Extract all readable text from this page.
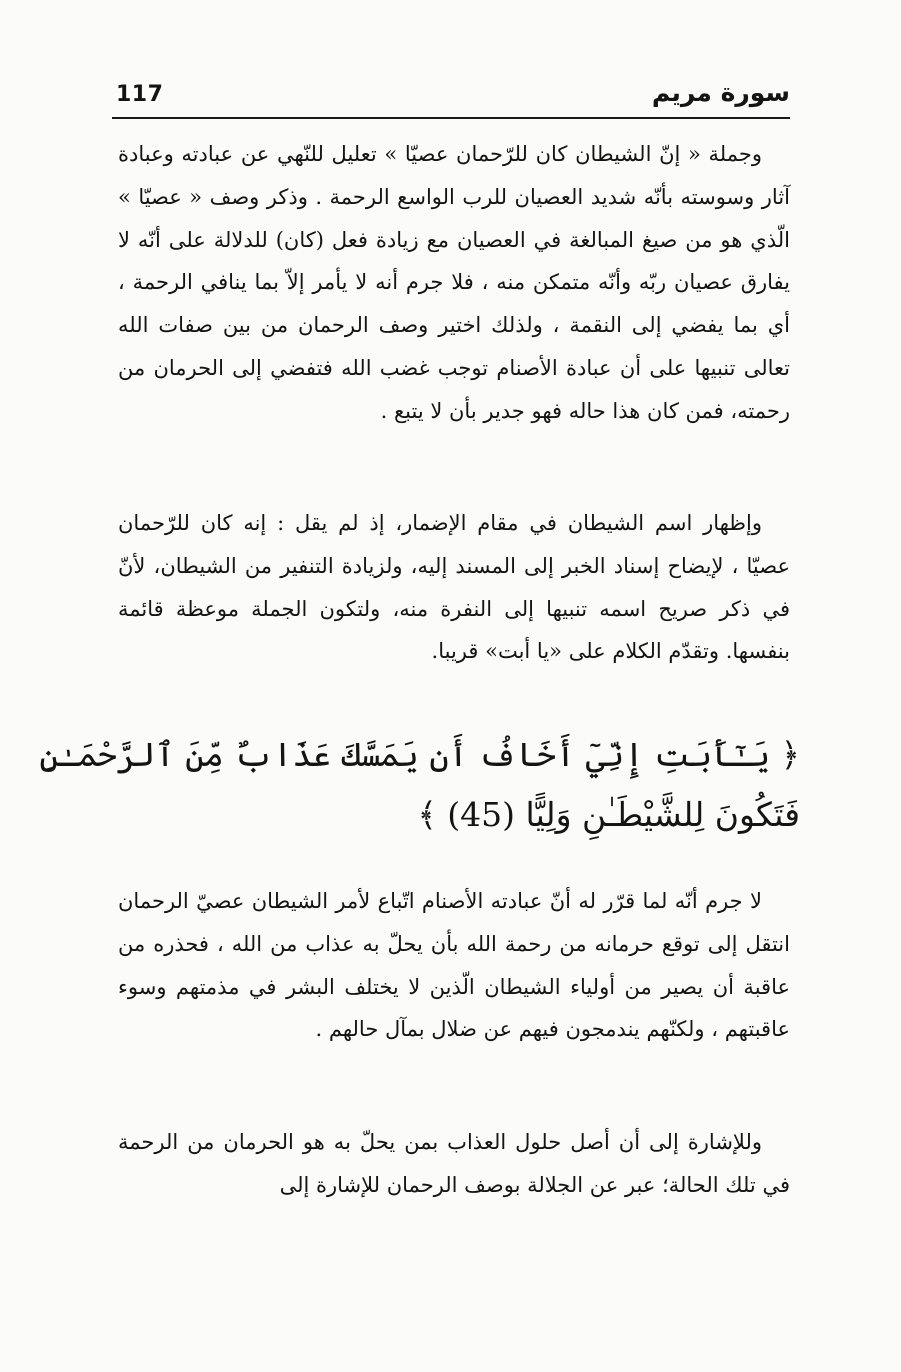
117	سورة مريم

وجملة « إنّ الشيطان كان للرّحمان عصيّا » تعليل للنّهي عن عبادته وعبادة آثار وسوسته بأنّه شديد العصيان للرب الواسع الرحمة . وذكر وصف « عصيّا » الّذي هو من صيغ المبالغة في العصيان مع زيادة فعل (كان) للدلالة على أنّه لا يفارق عصيان ربّه وأنّه متمكن منه ، فلا جرم أنه لا يأمر إلاّ بما ينافي الرحمة ، أي بما يفضي إلى النقمة ، ولذلك اختير وصف الرحمان من بين صفات الله تعالى تنبيها على أن عبادة الأصنام توجب غضب الله فتفضي إلى الحرمان من رحمته، فمن كان هذا حاله فهو جدير بأن لا يتبع .

وإظهار اسم الشيطان في مقام الإضمار، إذ لم يقل : إنه كان للرّحمان عصيّا ، لإيضاح إسناد الخبر إلى المسند إليه، ولزيادة التنفير من الشيطان، لأنّ في ذكر صريح اسمه تنبيها إلى النفرة منه، ولتكون الجملة موعظة قائمة بنفسها. وتقدّم الكلام على «يا أبت» قريبا.

﴿ يَـٰٓأَبَتِ إِنِّيٓ أَخَافُ أَن يَمَسَّكَ عَذَابٌ مِّنَ ٱلرَّحْمَـٰنِ
فَتَكُونَ لِلشَّيْطَـٰنِ وَلِيًّا (45) ﴾

لا جرم أنّه لما قرّر له أنّ عبادته الأصنام اتّباع لأمر الشيطان عصيّ الرحمان انتقل إلى توقع حرمانه من رحمة الله بأن يحلّ به عذاب من الله ، فحذره من عاقبة أن يصير من أولياء الشيطان الّذين لا يختلف البشر في مذمتهم وسوء عاقبتهم ، ولكنّهم يندمجون فيهم عن ضلال بمآل حالهم .

وللإشارة إلى أن أصل حلول العذاب بمن يحلّ به هو الحرمان من الرحمة في تلك الحالة؛ عبر عن الجلالة بوصف الرحمان للإشارة إلى
